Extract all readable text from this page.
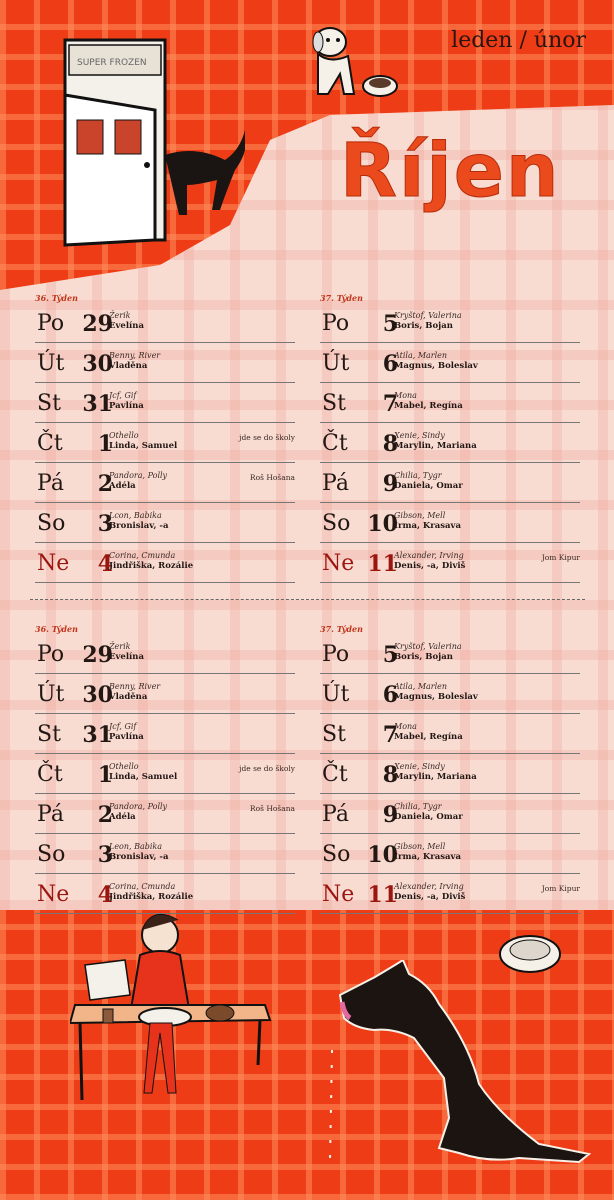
SUPER FROZEN
leden / únor
Říjen
36. Týden
Po 29
Žerik
Evelína
Út 30
Benny, River
Vladěna
St 31
Jcf, Gif
Pavlína
Čt	1
Othello
Linda, Samuel
jde se do školy
Pá	2
Pandora, Polly
Adéla
Roš Hošana
So	3
Lcon, Babika
Bronislav, -a
Ne	4
Corina, Cmunda
Jindřiška, Rozálie
37. Týden
Po	5
Kryštof, Valerina
Boris, Bojan
Út	6
Atila, Marlen
Magnus, Boleslav
St	7
Mona
Mabel, Regína
Čt	8
Xenie, Sindy
Marylin, Mariana
Pá	9
Chilia, Tygr
Daniela, Omar
So 10
Gibson, Mell
Irma, Krasava
Ne 11
Alexander, Irving
Denis, -a, Diviš
Jom Kipur
36. Týden
Po 29
Žerik
Evelína
Út 30
Benny, River
Vladěna
St 31
Jcf, Gif
Pavlína
Čt	1
Othello
Linda, Samuel
jde se do školy
Pá	2
Pandora, Polly
Adéla
Roš Hošana
So	3
Leon, Babika
Bronislav, -a
Ne	4
Corina, Cmunda
Jindřiška, Rozálie
37. Týden
Po	5
Kryštof, Valerina
Boris, Bojan
Út	6
Atila, Marlen
Magnus, Boleslav
St	7
Mona
Mabel, Regína
Čt	8
Xenie, Sindy
Marylin, Mariana
Pá	9
Chilia, Tygr
Daniela, Omar
So 10
Gibson, Mell
Irma, Krasava
Ne 11
Alexander, Irving
Denis, -a, Diviš
Jom Kipur
